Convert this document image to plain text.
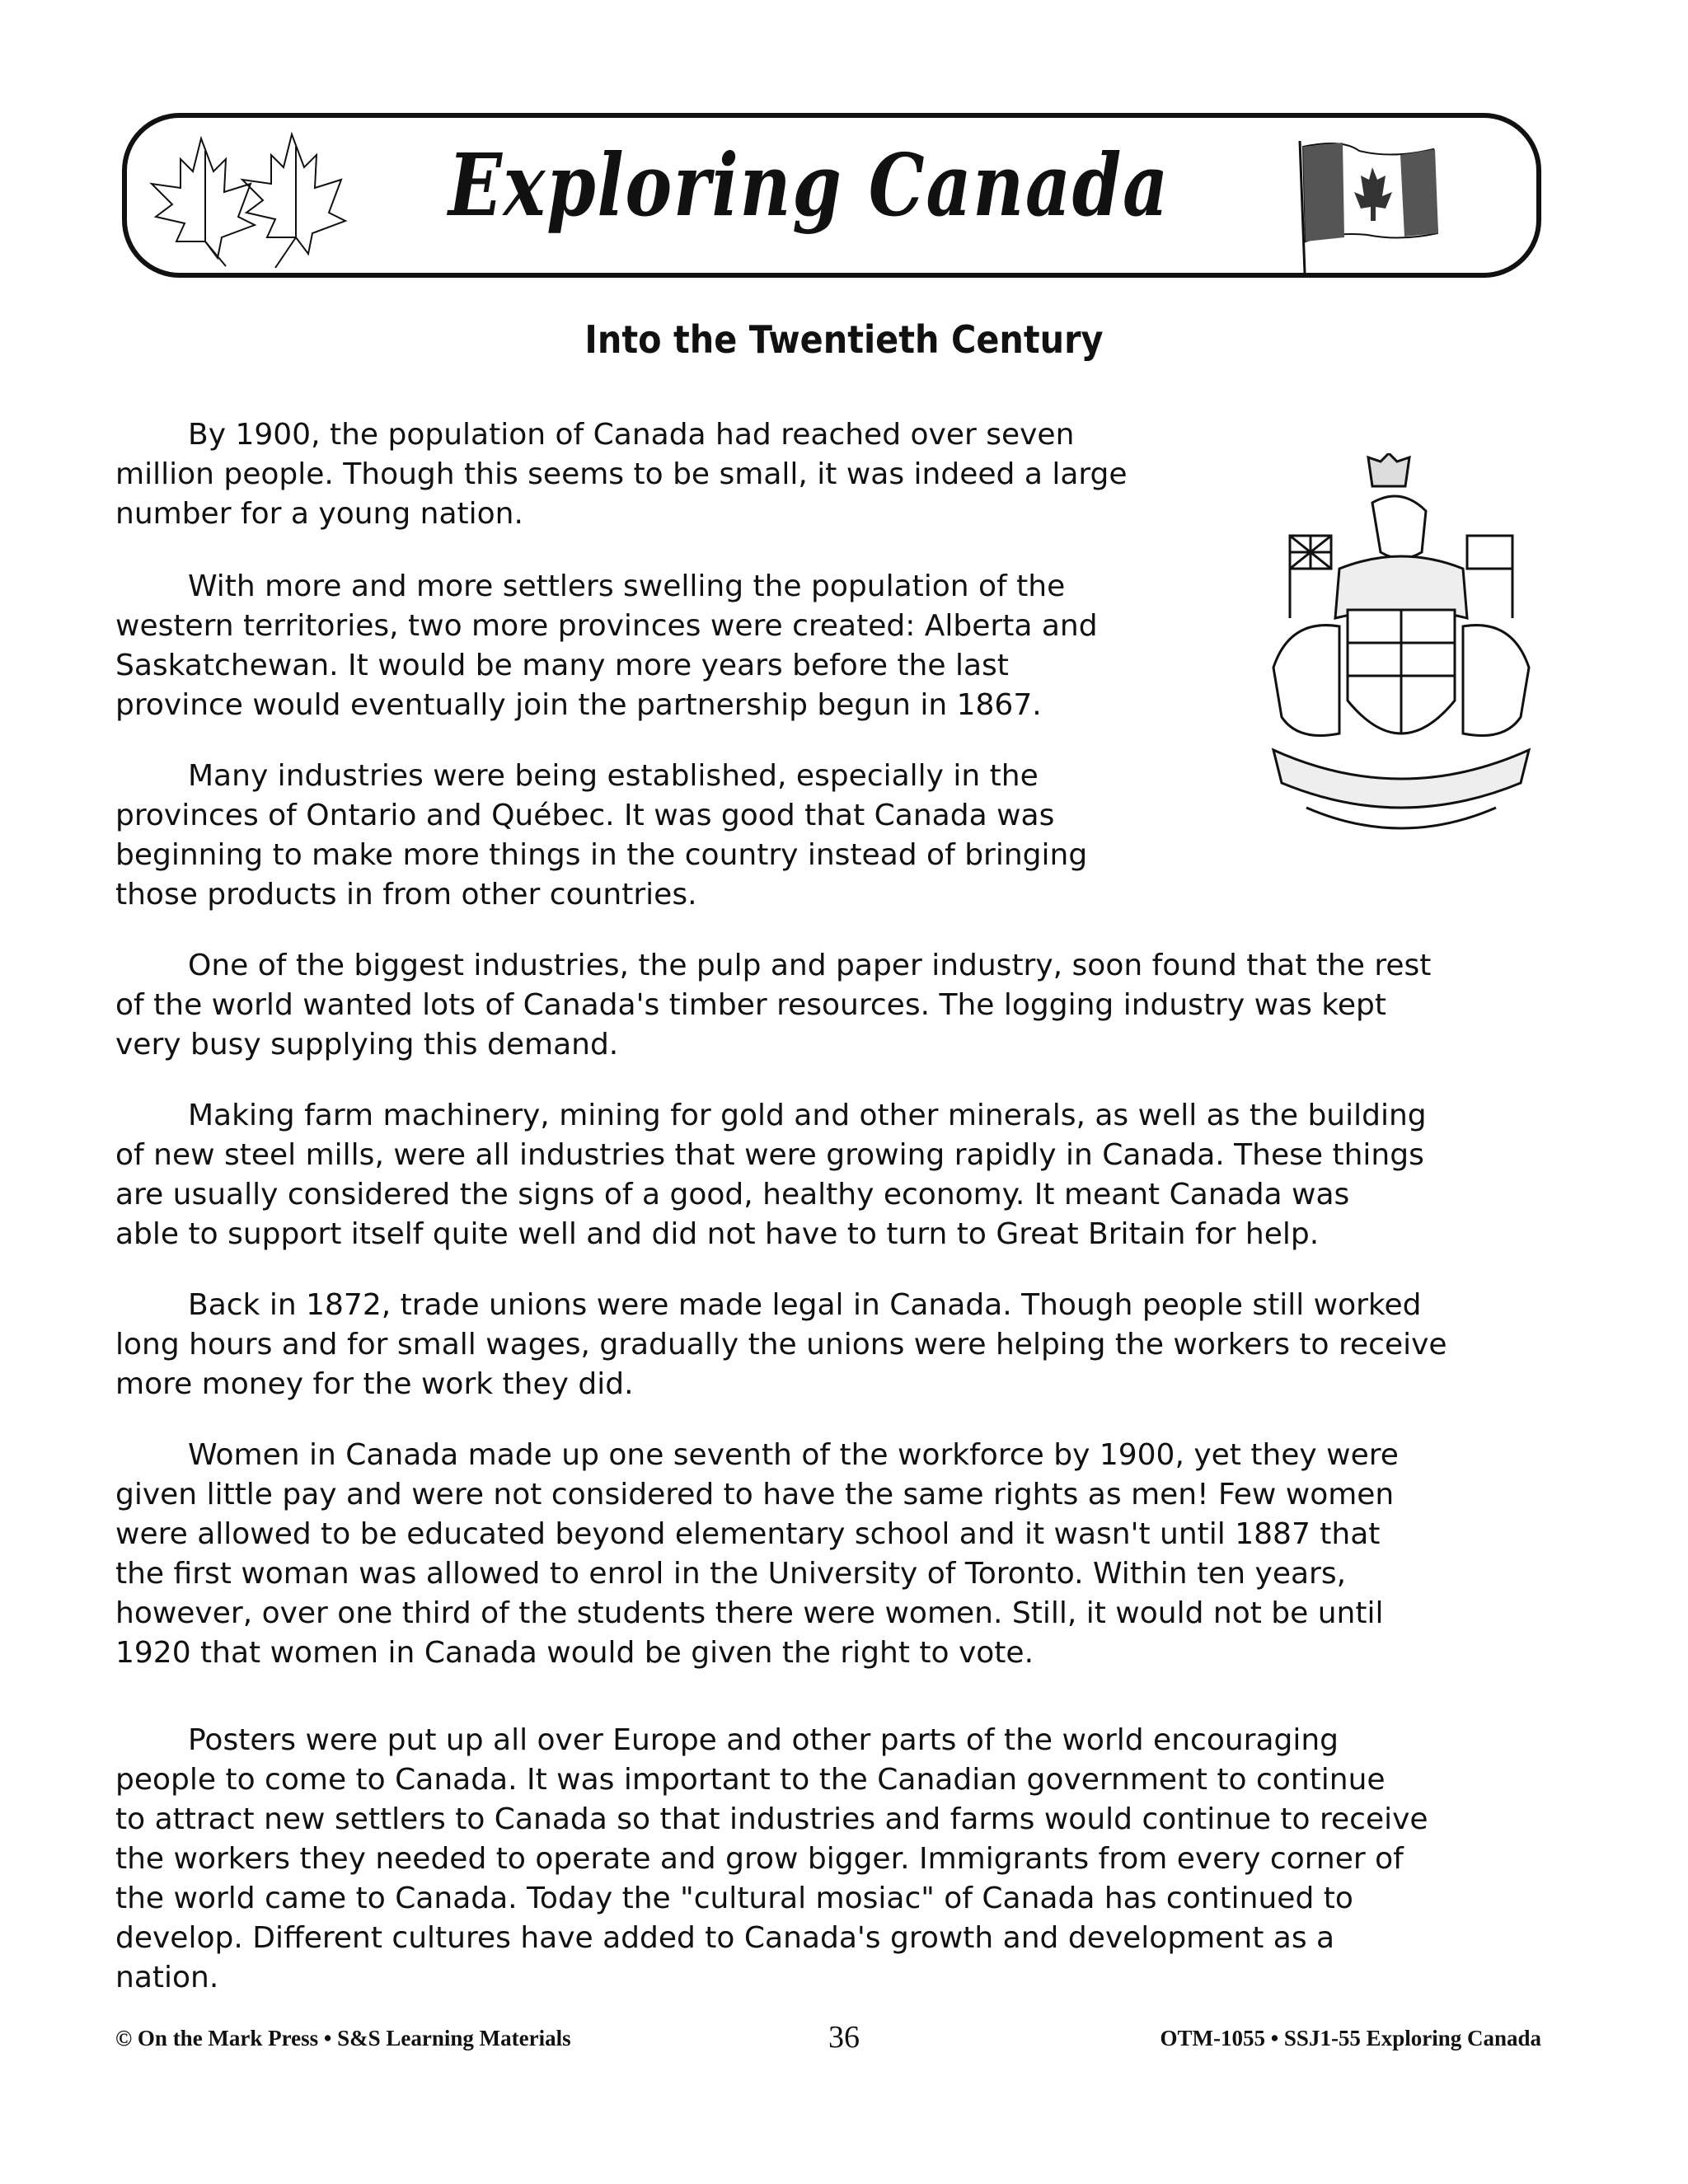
Exploring Canada
Into the Twentieth Century
By 1900, the population of Canada had reached over seven
million people. Though this seems to be small, it was indeed a large
number for a young nation.
With more and more settlers swelling the population of the
western territories, two more provinces were created: Alberta and
Saskatchewan. It would be many more years before the last
province would eventually join the partnership begun in 1867.
Many industries were being established, especially in the
provinces of Ontario and Québec. It was good that Canada was
beginning to make more things in the country instead of bringing
those products in from other countries.
One of the biggest industries, the pulp and paper industry, soon found that the rest
of the world wanted lots of Canada's timber resources. The logging industry was kept
very busy supplying this demand.
Making farm machinery, mining for gold and other minerals, as well as the building
of new steel mills, were all industries that were growing rapidly in Canada. These things
are usually considered the signs of a good, healthy economy. It meant Canada was
able to support itself quite well and did not have to turn to Great Britain for help.
Back in 1872, trade unions were made legal in Canada. Though people still worked
long hours and for small wages, gradually the unions were helping the workers to receive
more money for the work they did.
Women in Canada made up one seventh of the workforce by 1900, yet they were
given little pay and were not considered to have the same rights as men! Few women
were allowed to be educated beyond elementary school and it wasn't until 1887 that
the first woman was allowed to enrol in the University of Toronto. Within ten years,
however, over one third of the students there were women. Still, it would not be until
1920 that women in Canada would be given the right to vote.
Posters were put up all over Europe and other parts of the world encouraging
people to come to Canada. It was important to the Canadian government to continue
to attract new settlers to Canada so that industries and farms would continue to receive
the workers they needed to operate and grow bigger. Immigrants from every corner of
the world came to Canada. Today the "cultural mosiac" of Canada has continued to
develop. Different cultures have added to Canada's growth and development as a
nation.
© On the Mark Press • S&S Learning Materials	36	OTM-1055 • SSJ1-55 Exploring Canada
